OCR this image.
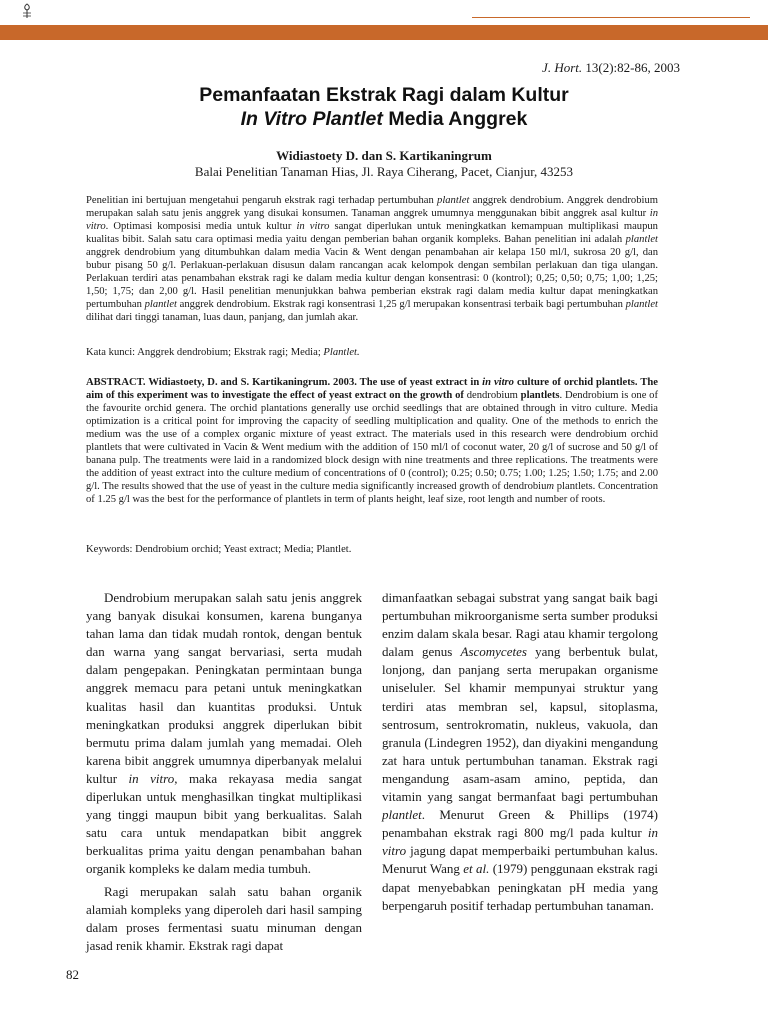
J. Hort. 13(2):82-86, 2003
Pemanfaatan Ekstrak Ragi dalam Kultur
In Vitro Plantlet Media Anggrek
Widiastoety D. dan S. Kartikaningrum
Balai Penelitian Tanaman Hias, Jl. Raya Ciherang, Pacet, Cianjur, 43253
Penelitian ini bertujuan mengetahui pengaruh ekstrak ragi terhadap pertumbuhan plantlet anggrek dendrobium. Anggrek dendrobium merupakan salah satu jenis anggrek yang disukai konsumen. Tanaman anggrek umumnya menggunakan bibit anggrek asal kultur in vitro. Optimasi komposisi media untuk kultur in vitro sangat diperlukan untuk meningkatkan kemampuan multiplikasi maupun kualitas bibit. Salah satu cara optimasi media yaitu dengan pemberian bahan organik kompleks. Bahan penelitian ini adalah plantlet anggrek dendrobium yang ditumbuhkan dalam media Vacin & Went dengan penambahan air kelapa 150 ml/l, sukrosa 20 g/l, dan bubur pisang 50 g/l. Perlakuan-perlakuan disusun dalam rancangan acak kelompok dengan sembilan perlakuan dan tiga ulangan. Perlakuan terdiri atas penambahan ekstrak ragi ke dalam media kultur dengan konsentrasi: 0 (kontrol); 0,25; 0,50; 0,75; 1,00; 1,25; 1,50; 1,75; dan 2,00 g/l. Hasil penelitian menunjukkan bahwa pemberian ekstrak ragi dalam media kultur dapat meningkatkan pertumbuhan plantlet anggrek dendrobium. Ekstrak ragi konsentrasi 1,25 g/l merupakan konsentrasi terbaik bagi pertumbuhan plantlet dilihat dari tinggi tanaman, luas daun, panjang, dan jumlah akar.
Kata kunci: Anggrek dendrobium; Ekstrak ragi; Media; Plantlet.
ABSTRACT. Widiastoety, D. and S. Kartikaningrum. 2003. The use of yeast extract in in vitro culture of orchid plantlets. The aim of this experiment was to investigate the effect of yeast extract on the growth of dendrobium plantlets. Dendrobium is one of the favourite orchid genera. The orchid plantations generally use orchid seedlings that are obtained through in vitro culture. Media optimization is a critical point for improving the capacity of seedling multiplication and quality. One of the methods to enrich the medium was the use of a complex organic mixture of yeast extract. The materials used in this research were dendrobium orchid plantlets that were cultivated in Vacin & Went medium with the addition of 150 ml/l of coconut water, 20 g/l of sucrose and 50 g/l of banana pulp. The treatments were laid in a randomized block design with nine treatments and three replications. The treatments were the addition of yeast extract into the culture medium of concentrations of 0 (control); 0.25; 0.50; 0.75; 1.00; 1.25; 1.50; 1.75; and 2.00 g/l. The results showed that the use of yeast in the culture media significantly increased growth of dendrobium plantlets. Concentration of 1.25 g/l was the best for the performance of plantlets in term of plants height, leaf size, root length and number of roots.
Keywords: Dendrobium orchid; Yeast extract; Media; Plantlet.

Dendrobium merupakan salah satu jenis anggrek yang banyak disukai konsumen, karena bunganya tahan lama dan tidak mudah rontok, dengan bentuk dan warna yang sangat bervariasi, serta mudah dalam pengepakan. Peningkatan permintaan bunga anggrek memacu para petani untuk meningkatkan kualitas hasil dan kuantitas produksi. Untuk meningkatkan produksi anggrek diperlukan bibit bermutu prima dalam jumlah yang memadai. Oleh karena bibit anggrek umumnya diperbanyak melalui kultur in vitro, maka rekayasa media sangat diperlukan untuk menghasilkan tingkat multiplikasi yang tinggi maupun bibit yang berkualitas. Salah satu cara untuk mendapatkan bibit anggrek berkualitas prima yaitu dengan penambahan bahan organik kompleks ke dalam media tumbuh.

Ragi merupakan salah satu bahan organik alamiah kompleks yang diperoleh dari hasil samping dalam proses fermentasi suatu minuman dengan jasad renik khamir. Ekstrak ragi dapat

dimanfaatkan sebagai substrat yang sangat baik bagi pertumbuhan mikroorganisme serta sumber produksi enzim dalam skala besar. Ragi atau khamir tergolong dalam genus Ascomycetes yang berbentuk bulat, lonjong, dan panjang serta merupakan organisme uniseluler. Sel khamir mempunyai struktur yang terdiri atas membran sel, kapsul, sitoplasma, sentrosum, sentrokromatin, nukleus, vakuola, dan granula (Lindegren 1952), dan diyakini mengandung zat hara untuk pertumbuhan tanaman. Ekstrak ragi mengandung asam-asam amino, peptida, dan vitamin yang sangat bermanfaat bagi pertumbuhan plantlet. Menurut Green & Phillips (1974) penambahan ekstrak ragi 800 mg/l pada kultur in vitro jagung dapat memperbaiki pertumbuhan kalus. Menurut Wang et al. (1979) penggunaan ekstrak ragi dapat menyebabkan peningkatan pH media yang berpengaruh positif terhadap pertumbuhan tanaman.

82
